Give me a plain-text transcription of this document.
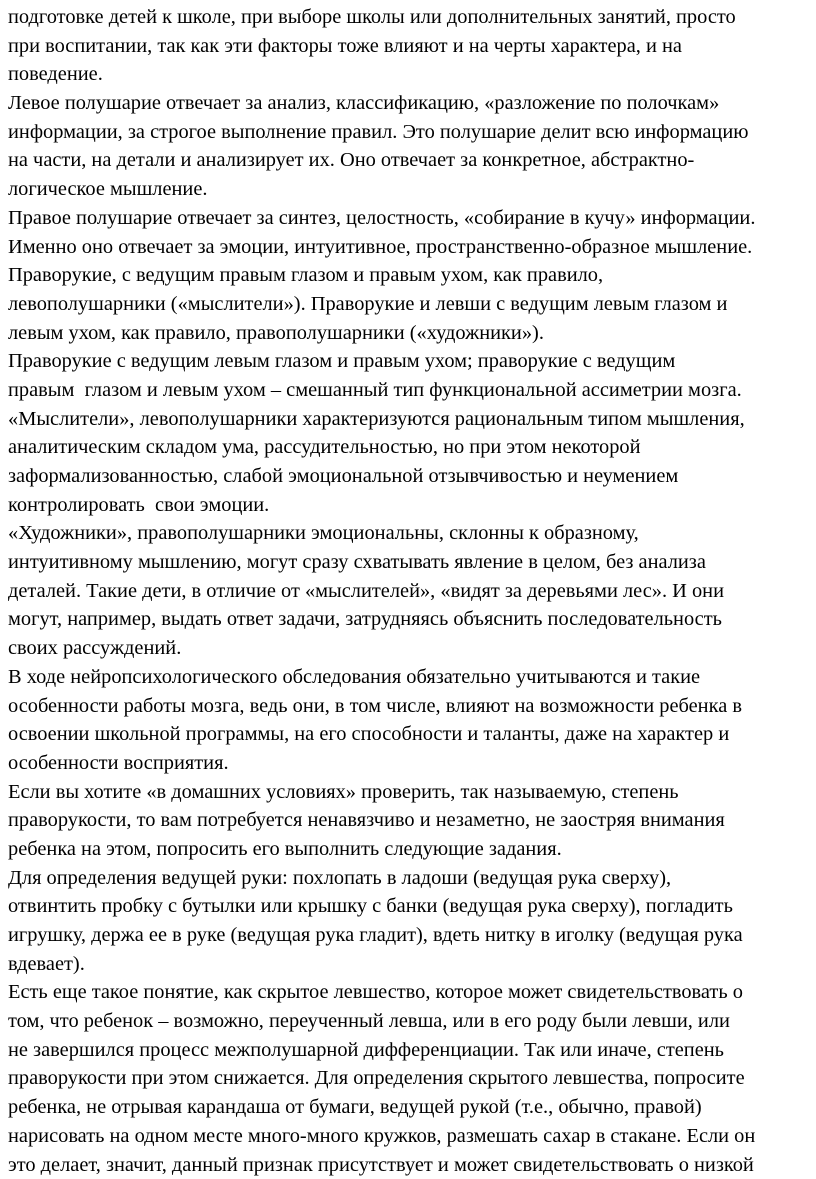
подготовке детей к школе, при выборе школы или дополнительных занятий, просто
при воспитании, так как эти факторы тоже влияют и на черты характера, и на
поведение.
Левое полушарие отвечает за анализ, классификацию, «разложение по полочкам»
информации, за строгое выполнение правил. Это полушарие делит всю информацию
на части, на детали и анализирует их. Оно отвечает за конкретное, абстрактно-
логическое мышление.
Правое полушарие отвечает за синтез, целостность, «собирание в кучу» информации.
Именно оно отвечает за эмоции, интуитивное, пространственно-образное мышление.
Праворукие, с ведущим правым глазом и правым ухом, как правило,
левополушарники («мыслители»). Праворукие и левши с ведущим левым глазом и
левым ухом, как правило, правополушарники («художники»).
Праворукие с ведущим левым глазом и правым ухом; праворукие с ведущим
правым  глазом и левым ухом – смешанный тип функциональной ассиметрии мозга.
«Мыслители», левополушарники характеризуются рациональным типом мышления,
аналитическим складом ума, рассудительностью, но при этом некоторой
заформализованностью, слабой эмоциональной отзывчивостью и неумением
контролировать  свои эмоции.
«Художники», правополушарники эмоциональны, склонны к образному,
интуитивному мышлению, могут сразу схватывать явление в целом, без анализа
деталей. Такие дети, в отличие от «мыслителей», «видят за деревьями лес». И они
могут, например, выдать ответ задачи, затрудняясь объяснить последовательность
своих рассуждений.
В ходе нейропсихологического обследования обязательно учитываются и такие
особенности работы мозга, ведь они, в том числе, влияют на возможности ребенка в
освоении школьной программы, на его способности и таланты, даже на характер и
особенности восприятия.
Если вы хотите «в домашних условиях» проверить, так называемую, степень
праворукости, то вам потребуется ненавязчиво и незаметно, не заостряя внимания
ребенка на этом, попросить его выполнить следующие задания.
Для определения ведущей руки: похлопать в ладоши (ведущая рука сверху),
отвинтить пробку с бутылки или крышку с банки (ведущая рука сверху), погладить
игрушку, держа ее в руке (ведущая рука гладит), вдеть нитку в иголку (ведущая рука
вдевает).
Есть еще такое понятие, как скрытое левшество, которое может свидетельствовать о
том, что ребенок – возможно, переученный левша, или в его роду были левши, или
не завершился процесс межполушарной дифференциации. Так или иначе, степень
праворукости при этом снижается. Для определения скрытого левшества, попросите
ребенка, не отрывая карандаша от бумаги, ведущей рукой (т.е., обычно, правой)
нарисовать на одном месте много-много кружков, размешать сахар в стакане. Если он
это делает, значит, данный признак присутствует и может свидетельствовать о низкой
